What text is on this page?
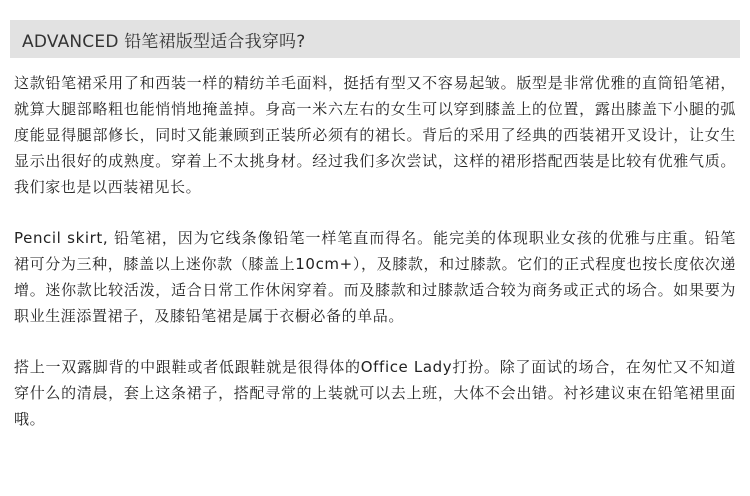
ADVANCED 铅笔裙版型适合我穿吗?

这款铅笔裙采用了和西装一样的精纺羊毛面料，挺括有型又不容易起皱。版型是非常优雅的直筒铅笔裙，就算大腿部略粗也能悄悄地掩盖掉。身高一米六左右的女生可以穿到膝盖上的位置，露出膝盖下小腿的弧度能显得腿部修长，同时又能兼顾到正装所必须有的裙长。背后的采用了经典的西装裙开叉设计，让女生显示出很好的成熟度。穿着上不太挑身材。经过我们多次尝试，这样的裙形搭配西装是比较有优雅气质。我们家也是以西装裙见长。

Pencil skirt, 铅笔裙，因为它线条像铅笔一样笔直而得名。能完美的体现职业女孩的优雅与庄重。铅笔裙可分为三种，膝盖以上迷你款（膝盖上10cm+），及膝款，和过膝款。它们的正式程度也按长度依次递增。迷你款比较活泼，适合日常工作休闲穿着。而及膝款和过膝款适合较为商务或正式的场合。如果要为职业生涯添置裙子，及膝铅笔裙是属于衣橱必备的单品。

搭上一双露脚背的中跟鞋或者低跟鞋就是很得体的Office Lady打扮。除了面试的场合，在匆忙又不知道穿什么的清晨，套上这条裙子，搭配寻常的上装就可以去上班，大体不会出错。衬衫建议束在铅笔裙里面哦。
